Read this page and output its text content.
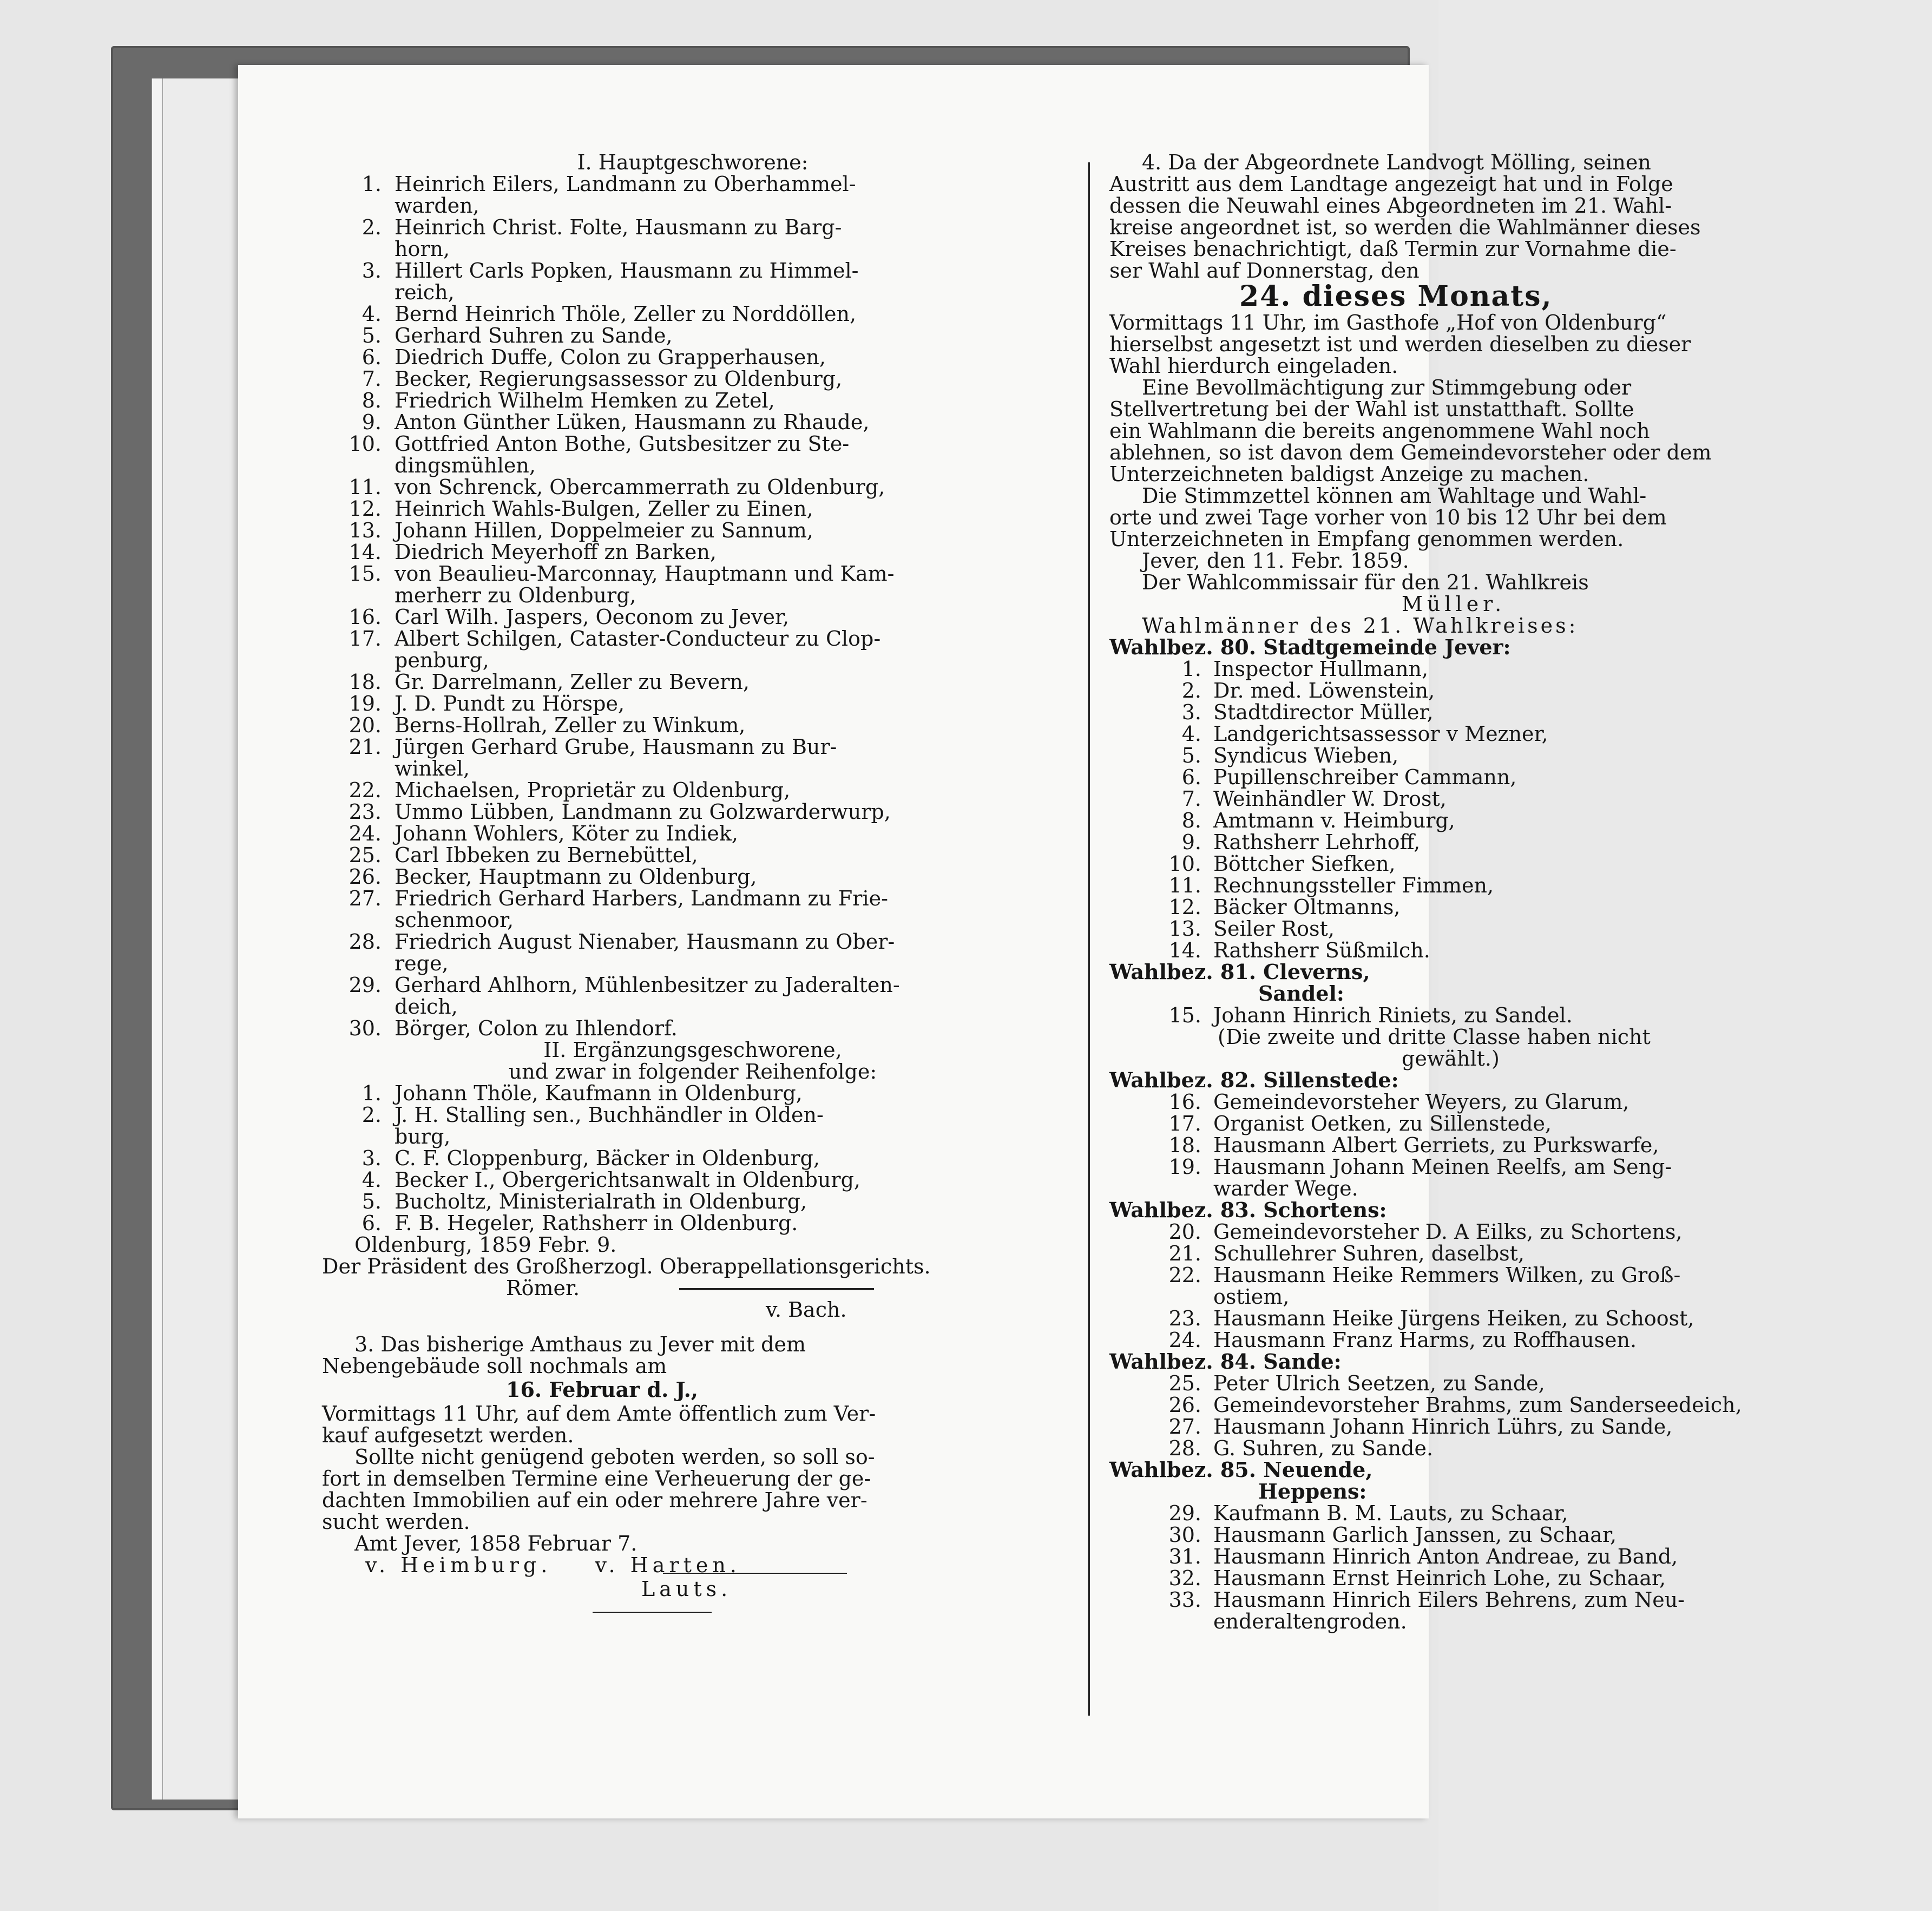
I. Hauptgeschworene:
1. Heinrich Eilers, Landmann zu Oberhammel-
warden,
2. Heinrich Christ. Folte, Hausmann zu Barg-
horn,
3. Hillert Carls Popken, Hausmann zu Himmel-
reich,
4. Bernd Heinrich Thöle, Zeller zu Norddöllen,
5. Gerhard Suhren zu Sande,
6. Diedrich Duffe, Colon zu Grapperhausen,
7. Becker, Regierungsassessor zu Oldenburg,
8. Friedrich Wilhelm Hemken zu Zetel,
9. Anton Günther Lüken, Hausmann zu Rhaude,
10. Gottfried Anton Bothe, Gutsbesitzer zu Ste-
dingsmühlen,
11. von Schrenck, Obercammerrath zu Oldenburg,
12. Heinrich Wahls-Bulgen, Zeller zu Einen,
13. Johann Hillen, Doppelmeier zu Sannum,
14. Diedrich Meyerhoff zn Barken,
15. von Beaulieu-Marconnay, Hauptmann und Kam-
merherr zu Oldenburg,
16. Carl Wilh. Jaspers, Oeconom zu Jever,
17. Albert Schilgen, Cataster-Conducteur zu Clop-
penburg,
18. Gr. Darrelmann, Zeller zu Bevern,
19. J. D. Pundt zu Hörspe,
20. Berns-Hollrah, Zeller zu Winkum,
21. Jürgen Gerhard Grube, Hausmann zu Bur-
winkel,
22. Michaelsen, Proprietär zu Oldenburg,
23. Ummo Lübben, Landmann zu Golzwarderwurp,
24. Johann Wohlers, Köter zu Indiek,
25. Carl Ibbeken zu Bernebüttel,
26. Becker, Hauptmann zu Oldenburg,
27. Friedrich Gerhard Harbers, Landmann zu Frie-
schenmoor,
28. Friedrich August Nienaber, Hausmann zu Ober-
rege,
29. Gerhard Ahlhorn, Mühlenbesitzer zu Jaderalten-
deich,
30. Börger, Colon zu Ihlendorf.
II. Ergänzungsgeschworene,
und zwar in folgender Reihenfolge:
1. Johann Thöle, Kaufmann in Oldenburg,
2. J. H. Stalling sen., Buchhändler in Olden-
burg,
3. C. F. Cloppenburg, Bäcker in Oldenburg,
4. Becker I., Obergerichtsanwalt in Oldenburg,
5. Bucholtz, Ministerialrath in Oldenburg,
6. F. B. Hegeler, Rathsherr in Oldenburg.
Oldenburg, 1859 Febr. 9.
Der Präsident des Großherzogl. Oberappellationsgerichts.
Römer.
v. Bach.
3. Das bisherige Amthaus zu Jever mit dem
Nebengebäude soll nochmals am
16. Februar d. J.,
Vormittags 11 Uhr, auf dem Amte öffentlich zum Ver-
kauf aufgesetzt werden.
Sollte nicht genügend geboten werden, so soll so-
fort in demselben Termine eine Verheuerung der ge-
dachten Immobilien auf ein oder mehrere Jahre ver-
sucht werden.
Amt Jever, 1858 Februar 7.
v. Heimburg. v. Harten.
Lauts.
4. Da der Abgeordnete Landvogt Mölling, seinen
Austritt aus dem Landtage angezeigt hat und in Folge
dessen die Neuwahl eines Abgeordneten im 21. Wahl-
kreise angeordnet ist, so werden die Wahlmänner dieses
Kreises benachrichtigt, daß Termin zur Vornahme die-
ser Wahl auf Donnerstag, den
24. dieses Monats,
Vormittags 11 Uhr, im Gasthofe „Hof von Oldenburg“
hierselbst angesetzt ist und werden dieselben zu dieser
Wahl hierdurch eingeladen.
Eine Bevollmächtigung zur Stimmgebung oder
Stellvertretung bei der Wahl ist unstatthaft. Sollte
ein Wahlmann die bereits angenommene Wahl noch
ablehnen, so ist davon dem Gemeindevorsteher oder dem
Unterzeichneten baldigst Anzeige zu machen.
Die Stimmzettel können am Wahltage und Wahl-
orte und zwei Tage vorher von 10 bis 12 Uhr bei dem
Unterzeichneten in Empfang genommen werden.
Jever, den 11. Febr. 1859.
Der Wahlcommissair für den 21. Wahlkreis
Müller.
Wahlmänner des 21. Wahlkreises:
Wahlbez. 80. Stadtgemeinde Jever:
1. Inspector Hullmann,
2. Dr. med. Löwenstein,
3. Stadtdirector Müller,
4. Landgerichtsassessor v Mezner,
5. Syndicus Wieben,
6. Pupillenschreiber Cammann,
7. Weinhändler W. Drost,
8. Amtmann v. Heimburg,
9. Rathsherr Lehrhoff,
10. Böttcher Siefken,
11. Rechnungssteller Fimmen,
12. Bäcker Oltmanns,
13. Seiler Rost,
14. Rathsherr Süßmilch.
Wahlbez. 81. Cleverns,
Sandel:
15. Johann Hinrich Riniets, zu Sandel.
(Die zweite und dritte Classe haben nicht
gewählt.)
Wahlbez. 82. Sillenstede:
16. Gemeindevorsteher Weyers, zu Glarum,
17. Organist Oetken, zu Sillenstede,
18. Hausmann Albert Gerriets, zu Purkswarfe,
19. Hausmann Johann Meinen Reelfs, am Seng-
warder Wege.
Wahlbez. 83. Schortens:
20. Gemeindevorsteher D. A Eilks, zu Schortens,
21. Schullehrer Suhren, daselbst,
22. Hausmann Heike Remmers Wilken, zu Groß-
ostiem,
23. Hausmann Heike Jürgens Heiken, zu Schoost,
24. Hausmann Franz Harms, zu Roffhausen.
Wahlbez. 84. Sande:
25. Peter Ulrich Seetzen, zu Sande,
26. Gemeindevorsteher Brahms, zum Sanderseedeich,
27. Hausmann Johann Hinrich Lührs, zu Sande,
28. G. Suhren, zu Sande.
Wahlbez. 85. Neuende,
Heppens:
29. Kaufmann B. M. Lauts, zu Schaar,
30. Hausmann Garlich Janssen, zu Schaar,
31. Hausmann Hinrich Anton Andreae, zu Band,
32. Hausmann Ernst Heinrich Lohe, zu Schaar,
33. Hausmann Hinrich Eilers Behrens, zum Neu-
enderaltengroden.
